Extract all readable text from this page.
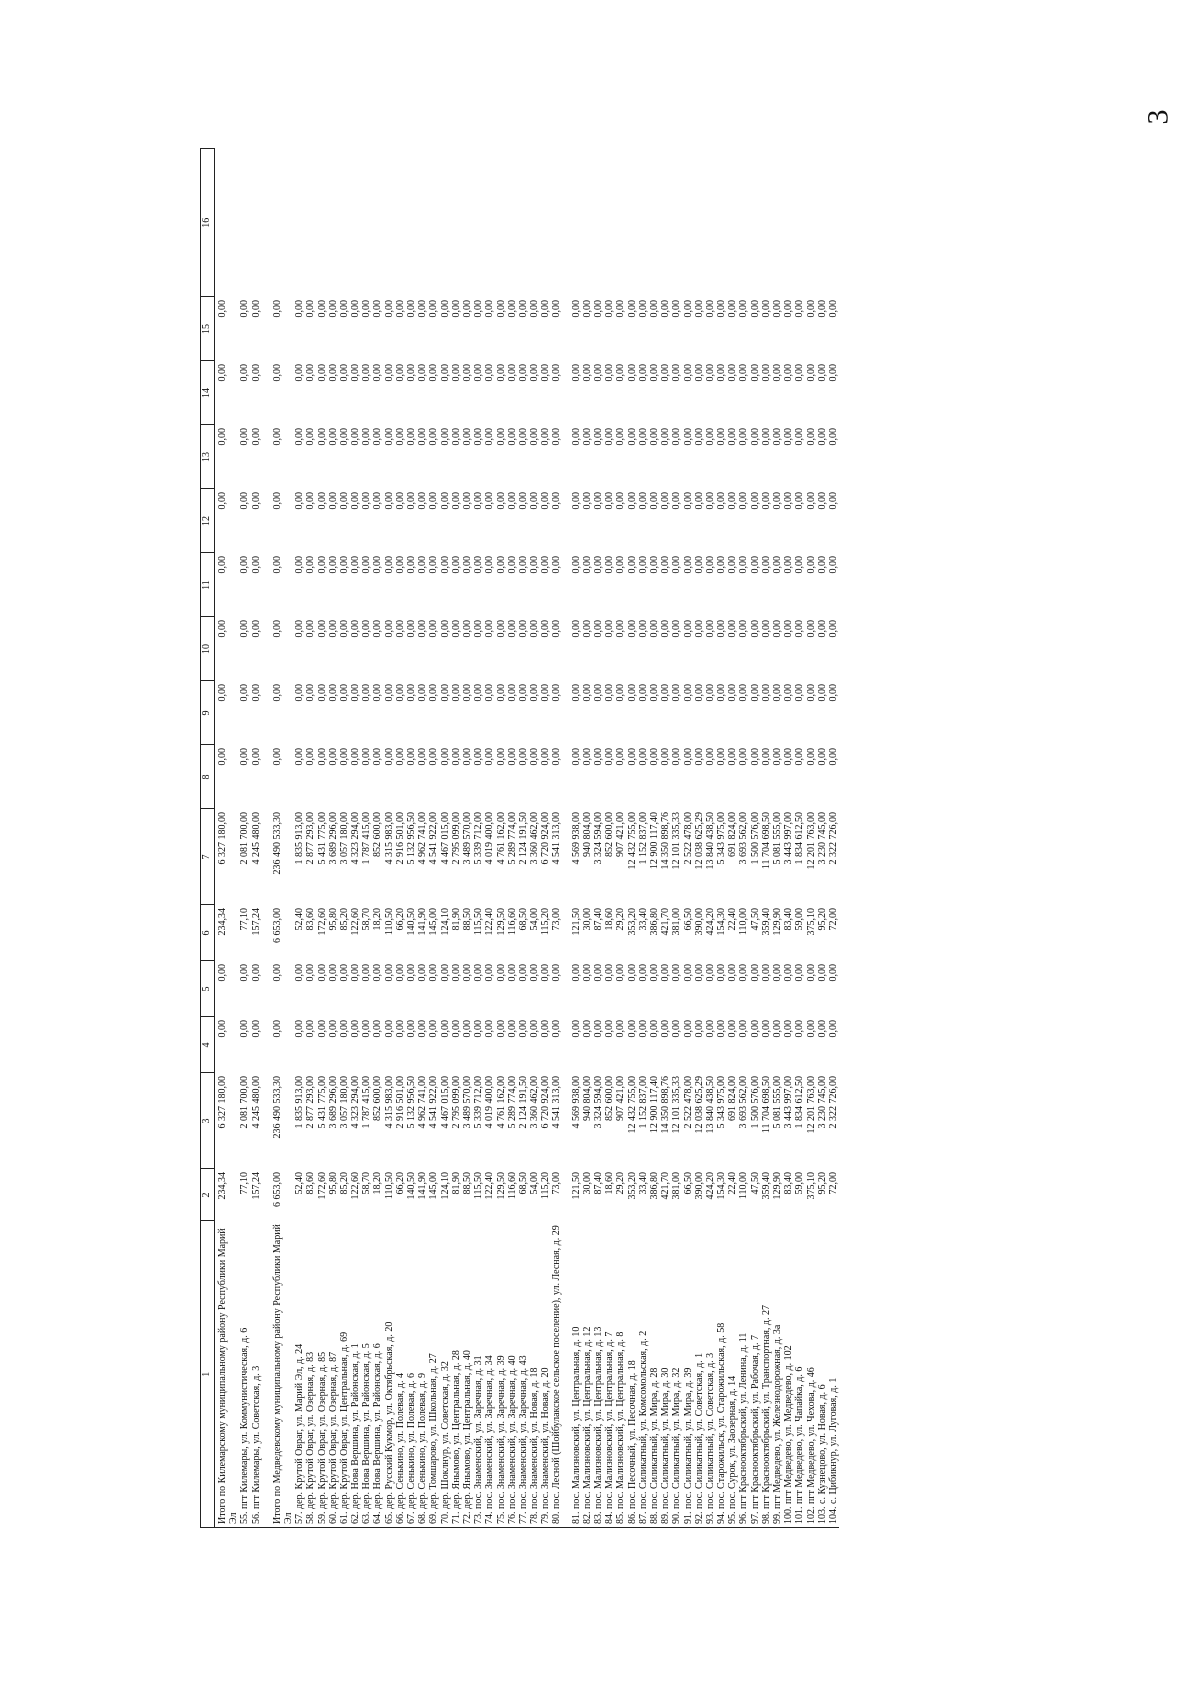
3
1	2	3	4	5	6	7	8	9	10	11	12	13	14	15	16
Итого по Килемарскому муниципальному району Республики Марий Эл	234,34	6 327 180,00	0,00	0,00	234,34	6 327 180,00	0,00	0,00	0,00	0,00	0,00	0,00	0,00	0,00	
55. пгт Килемары, ул. Коммунистическая, д. 6	77,10	2 081 700,00	0,00	0,00	77,10	2 081 700,00	0,00	0,00	0,00	0,00	0,00	0,00	0,00	0,00	
56. пгт Килемары, ул. Советская, д. 3	157,24	4 245 480,00	0,00	0,00	157,24	4 245 480,00	0,00	0,00	0,00	0,00	0,00	0,00	0,00	0,00	

Итого по Медведевскому муниципальному району Республики Марий Эл	6 653,00	236 490 533,30	0,00	0,00	6 653,00	236 490 533,30	0,00	0,00	0,00	0,00	0,00	0,00	0,00	0,00	
57. дер. Крутой Овраг, ул. Марий Эл, д. 24	52,40	1 835 913,00	0,00	0,00	52,40	1 835 913,00	0,00	0,00	0,00	0,00	0,00	0,00	0,00	0,00	
58. дер. Крутой Овраг, ул. Озерная, д. 83	83,60	2 877 293,00	0,00	0,00	83,60	2 877 293,00	0,00	0,00	0,00	0,00	0,00	0,00	0,00	0,00	
59. дер. Крутой Овраг, ул. Озерная, д. 85	172,60	5 431 775,00	0,00	0,00	172,60	5 431 775,00	0,00	0,00	0,00	0,00	0,00	0,00	0,00	0,00	
60. дер. Крутой Овраг, ул. Озерная, д. 87	95,80	3 689 296,00	0,00	0,00	95,80	3 689 296,00	0,00	0,00	0,00	0,00	0,00	0,00	0,00	0,00	
61. дер. Крутой Овраг, ул. Центральная, д. 69	85,20	3 057 180,00	0,00	0,00	85,20	3 057 180,00	0,00	0,00	0,00	0,00	0,00	0,00	0,00	0,00	
62. дер. Нова Вершина, ул. Районская, д. 1	122,60	4 323 294,00	0,00	0,00	122,60	4 323 294,00	0,00	0,00	0,00	0,00	0,00	0,00	0,00	0,00	
63. дер. Нова Вершина, ул. Районская, д. 5	58,70	1 787 415,00	0,00	0,00	58,70	1 787 415,00	0,00	0,00	0,00	0,00	0,00	0,00	0,00	0,00	
64. дер. Нова Вершина, ул. Районская, д. 6	18,20	852 600,00	0,00	0,00	18,20	852 600,00	0,00	0,00	0,00	0,00	0,00	0,00	0,00	0,00	
65. дер. Русский Кукмор, ул. Октябрьская, д. 20	110,50	4 315 983,00	0,00	0,00	110,50	4 315 983,00	0,00	0,00	0,00	0,00	0,00	0,00	0,00	0,00	
66. дер. Сенькино, ул. Полевая, д. 4	66,20	2 916 501,00	0,00	0,00	66,20	2 916 501,00	0,00	0,00	0,00	0,00	0,00	0,00	0,00	0,00	
67. дер. Сенькино, ул. Полевая, д. 6	140,50	5 132 956,50	0,00	0,00	140,50	5 132 956,50	0,00	0,00	0,00	0,00	0,00	0,00	0,00	0,00	
68. дер. Сенькино, ул. Полевая, д. 9	141,90	4 962 741,00	0,00	0,00	141,90	4 962 741,00	0,00	0,00	0,00	0,00	0,00	0,00	0,00	0,00	
69. дер. Томшарово, ул. Школьная, д. 27	145,00	4 541 922,00	0,00	0,00	145,00	4 541 922,00	0,00	0,00	0,00	0,00	0,00	0,00	0,00	0,00	
70. дер. Шоклнур, ул. Советская, д. 32	124,10	4 467 015,00	0,00	0,00	124,10	4 467 015,00	0,00	0,00	0,00	0,00	0,00	0,00	0,00	0,00	
71. дер. Янымово, ул. Центральная, д. 28	81,90	2 795 099,00	0,00	0,00	81,90	2 795 099,00	0,00	0,00	0,00	0,00	0,00	0,00	0,00	0,00	
72. дер. Янымово, ул. Центральная, д. 40	88,50	3 489 570,00	0,00	0,00	88,50	3 489 570,00	0,00	0,00	0,00	0,00	0,00	0,00	0,00	0,00	
73. пос. Знаменский, ул. Заречная, д. 31	115,50	5 339 712,00	0,00	0,00	115,50	5 339 712,00	0,00	0,00	0,00	0,00	0,00	0,00	0,00	0,00	
74. пос. Знаменский, ул. Заречная, д. 34	122,40	4 019 400,00	0,00	0,00	122,40	4 019 400,00	0,00	0,00	0,00	0,00	0,00	0,00	0,00	0,00	
75. пос. Знаменский, ул. Заречная, д. 39	129,50	4 761 162,00	0,00	0,00	129,50	4 761 162,00	0,00	0,00	0,00	0,00	0,00	0,00	0,00	0,00	
76. пос. Знаменский, ул. Заречная, д. 40	116,60	5 289 774,00	0,00	0,00	116,60	5 289 774,00	0,00	0,00	0,00	0,00	0,00	0,00	0,00	0,00	
77. пос. Знаменский, ул. Заречная, д. 43	68,50	2 124 191,50	0,00	0,00	68,50	2 124 191,50	0,00	0,00	0,00	0,00	0,00	0,00	0,00	0,00	
78. пос. Знаменский, ул. Новая, д. 18	54,00	3 360 462,00	0,00	0,00	54,00	3 360 462,00	0,00	0,00	0,00	0,00	0,00	0,00	0,00	0,00	
79. пос. Знаменский, ул. Новая, д. 20	115,20	6 720 924,00	0,00	0,00	115,20	6 720 924,00	0,00	0,00	0,00	0,00	0,00	0,00	0,00	0,00	
80. пос. Лесной (Шойбулакское сельское поселение), ул. Лесная, д. 29	73,00	4 541 313,00	0,00	0,00	73,00	4 541 313,00	0,00	0,00	0,00	0,00	0,00	0,00	0,00	0,00	

81. пос. Мализновский, ул. Центральная, д. 10	121,50	4 569 938,00	0,00	0,00	121,50	4 569 938,00	0,00	0,00	0,00	0,00	0,00	0,00	0,00	0,00	
82. пос. Мализновский, ул. Центральная, д. 12	30,00	940 804,00	0,00	0,00	30,00	940 804,00	0,00	0,00	0,00	0,00	0,00	0,00	0,00	0,00	
83. пос. Мализновский, ул. Центральная, д. 13	87,40	3 324 594,00	0,00	0,00	87,40	3 324 594,00	0,00	0,00	0,00	0,00	0,00	0,00	0,00	0,00	
84. пос. Мализновский, ул. Центральная, д. 7	18,60	852 600,00	0,00	0,00	18,60	852 600,00	0,00	0,00	0,00	0,00	0,00	0,00	0,00	0,00	
85. пос. Мализновский, ул. Центральная, д. 8	29,20	907 421,00	0,00	0,00	29,20	907 421,00	0,00	0,00	0,00	0,00	0,00	0,00	0,00	0,00	
86. пос. Песочный, ул. Песочная, д. 18	353,20	12 432 755,00	0,00	0,00	353,20	12 432 755,00	0,00	0,00	0,00	0,00	0,00	0,00	0,00	0,00	
87. пос. Силикатный, ул. Комсомольская, д. 2	33,40	1 152 837,00	0,00	0,00	33,40	1 152 837,00	0,00	0,00	0,00	0,00	0,00	0,00	0,00	0,00	
88. пос. Силикатный, ул. Мира, д. 28	386,80	12 900 117,40	0,00	0,00	386,80	12 900 117,40	0,00	0,00	0,00	0,00	0,00	0,00	0,00	0,00	
89. пос. Силикатный, ул. Мира, д. 30	421,70	14 350 898,76	0,00	0,00	421,70	14 350 898,76	0,00	0,00	0,00	0,00	0,00	0,00	0,00	0,00	
90. пос. Силикатный, ул. Мира, д. 32	381,00	12 101 335,33	0,00	0,00	381,00	12 101 335,33	0,00	0,00	0,00	0,00	0,00	0,00	0,00	0,00	
91. пос. Силикатный, ул. Мира, д. 39	66,50	2 522 478,00	0,00	0,00	66,50	2 522 478,00	0,00	0,00	0,00	0,00	0,00	0,00	0,00	0,00	
92. пос. Силикатный, ул. Советская, д. 1	390,00	12 038 625,29	0,00	0,00	390,00	12 038 625,29	0,00	0,00	0,00	0,00	0,00	0,00	0,00	0,00	
93. пос. Силикатный, ул. Советская, д. 3	424,20	13 840 438,50	0,00	0,00	424,20	13 840 438,50	0,00	0,00	0,00	0,00	0,00	0,00	0,00	0,00	
94. пос. Старожильск, ул. Старожильская, д. 58	154,30	5 343 975,00	0,00	0,00	154,30	5 343 975,00	0,00	0,00	0,00	0,00	0,00	0,00	0,00	0,00	
95. пос. Сурок, ул. Заозерная, д. 14	22,40	691 824,00	0,00	0,00	22,40	691 824,00	0,00	0,00	0,00	0,00	0,00	0,00	0,00	0,00	
96. пгт Краснооктябрьский, ул. Ленина, д. 11	110,00	3 693 562,00	0,00	0,00	110,00	3 693 562,00	0,00	0,00	0,00	0,00	0,00	0,00	0,00	0,00	
97. пгт Краснооктябрьский, ул. Рабочая, д. 7	47,50	1 500 576,00	0,00	0,00	47,50	1 500 576,00	0,00	0,00	0,00	0,00	0,00	0,00	0,00	0,00	
98. пгт Краснооктябрьский, ул. Транспортная, д. 27	359,40	11 704 698,50	0,00	0,00	359,40	11 704 698,50	0,00	0,00	0,00	0,00	0,00	0,00	0,00	0,00	
99. пгт Медведево, ул. Железнодорожная, д. 3а	129,90	5 081 555,00	0,00	0,00	129,90	5 081 555,00	0,00	0,00	0,00	0,00	0,00	0,00	0,00	0,00	
100. пгт Медведево, ул. Медведево, д. 102	83,40	3 443 997,00	0,00	0,00	83,40	3 443 997,00	0,00	0,00	0,00	0,00	0,00	0,00	0,00	0,00	
101. пгт Медведево, ул. Чапайка, д. 6	59,00	1 834 612,50	0,00	0,00	59,00	1 834 612,50	0,00	0,00	0,00	0,00	0,00	0,00	0,00	0,00	
102. пгт Медведево, ул. Чехова, д. 46	375,10	12 201 763,00	0,00	0,00	375,10	12 201 763,00	0,00	0,00	0,00	0,00	0,00	0,00	0,00	0,00	
103. с. Кузнецово, ул. Новая, д. 6	95,20	3 230 745,00	0,00	0,00	95,20	3 230 745,00	0,00	0,00	0,00	0,00	0,00	0,00	0,00	0,00	
104. с. Цибикнур, ул. Луговая, д. 1	72,00	2 322 726,00	0,00	0,00	72,00	2 322 726,00	0,00	0,00	0,00	0,00	0,00	0,00	0,00	0,00	
